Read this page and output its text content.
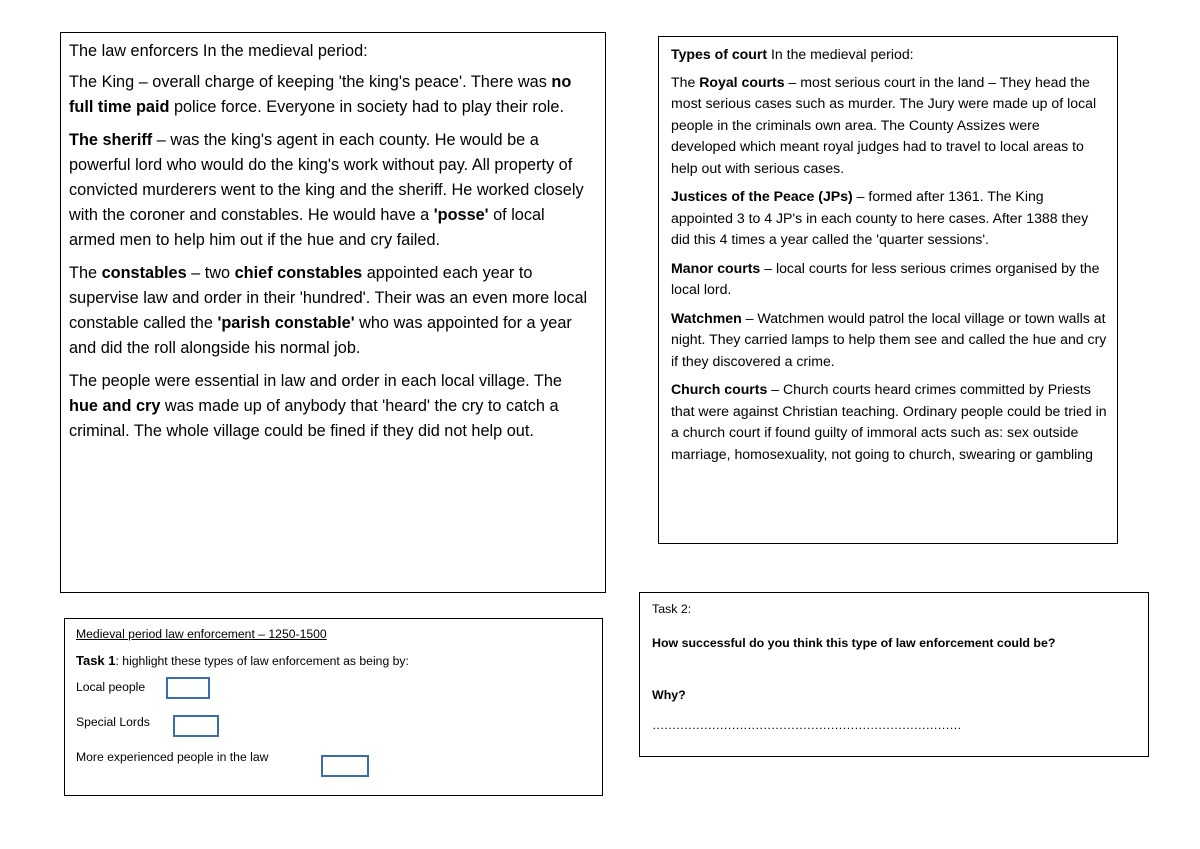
The law enforcers In the medieval period:

The King – overall charge of keeping 'the king's peace'. There was no full time paid police force. Everyone in society had to play their role.

The sheriff – was the king's agent in each county. He would be a powerful lord who would do the king's work without pay. All property of convicted murderers went to the king and the sheriff. He worked closely with the coroner and constables. He would have a 'posse' of local armed men to help him out if the hue and cry failed.

The constables – two chief constables appointed each year to supervise law and order in their 'hundred'. Their was an even more local constable called the 'parish constable' who was appointed for a year and did the roll alongside his normal job.

The people were essential in law and order in each local village. The hue and cry was made up of anybody that 'heard' the cry to catch a criminal. The whole village could be fined if they did not help out.

Types of court In the medieval period:

The Royal courts – most serious court in the land – They head the most serious cases such as murder. The Jury were made up of local people in the criminals own area. The County Assizes were developed which meant royal judges had to travel to local areas to help out with serious cases.

Justices of the Peace (JPs) – formed after 1361. The King appointed 3 to 4 JP's in each county to here cases. After 1388 they did this 4 times a year called the 'quarter sessions'.

Manor courts – local courts for less serious crimes organised by the local lord.

Watchmen – Watchmen would patrol the local village or town walls at night. They carried lamps to help them see and called the hue and cry if they discovered a crime.

Church courts – Church courts heard crimes committed by Priests that were against Christian teaching. Ordinary people could be tried in a church court if found guilty of immoral acts such as: sex outside marriage, homosexuality, not going to church, swearing or gambling

Medieval period law enforcement – 1250-1500

Task 1: highlight these types of law enforcement as being by:

Local people
Special Lords
More experienced people in the law

Task 2:

How successful do you think this type of law enforcement could be?

Why?

……………………………………………………………………
